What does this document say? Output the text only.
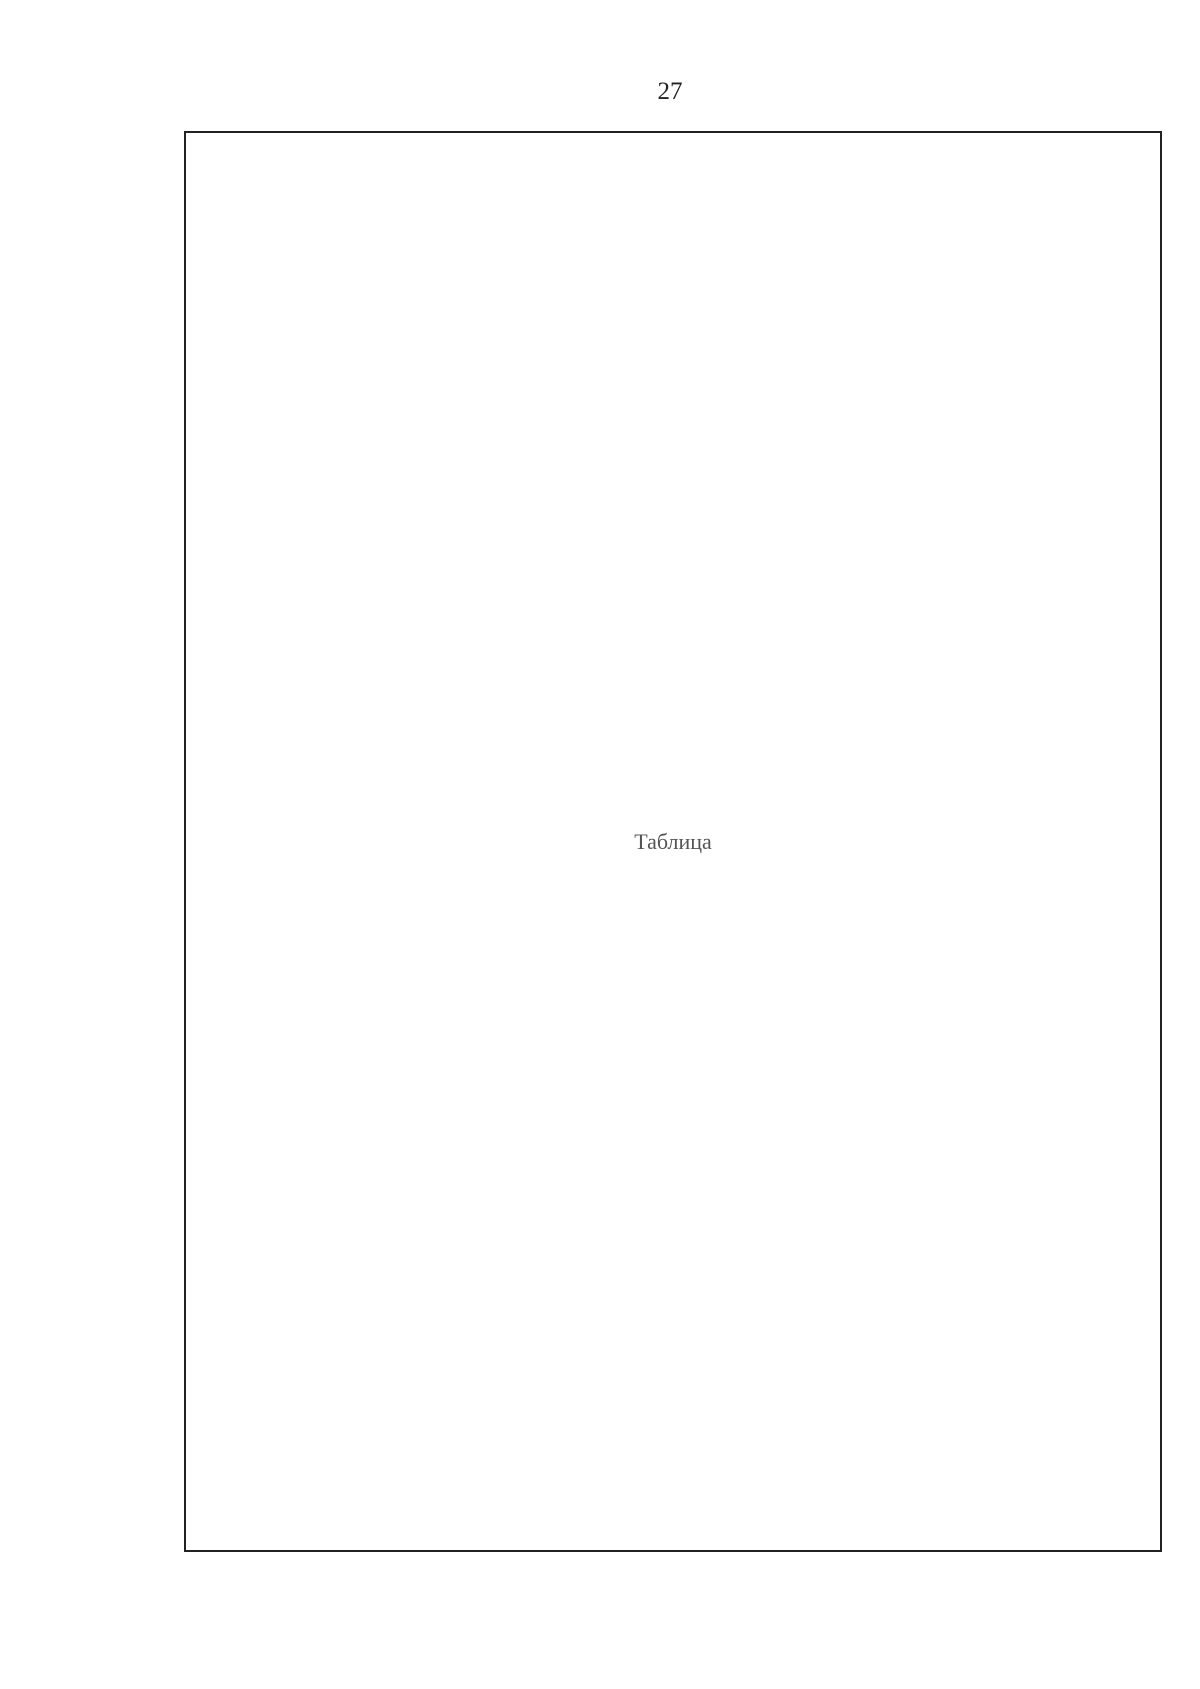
27
Таблица
